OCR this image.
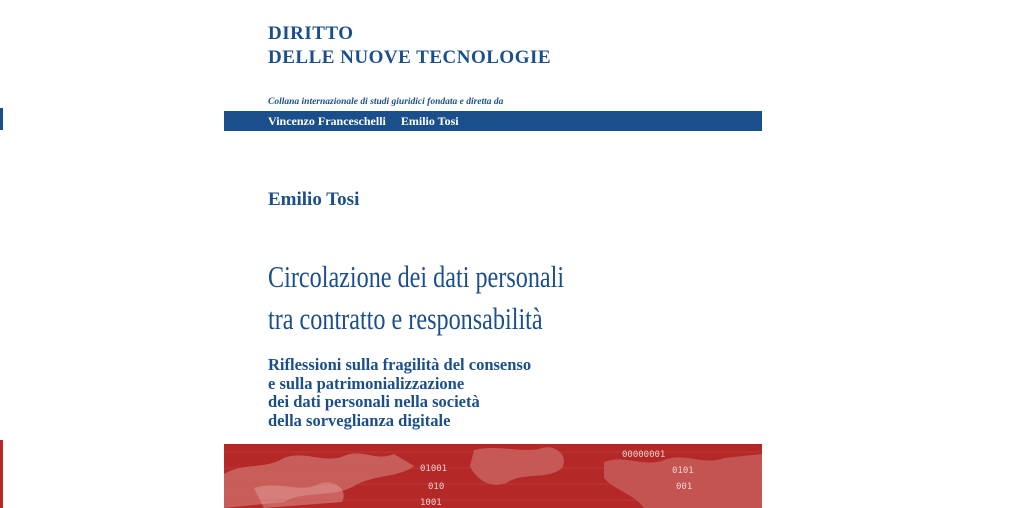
DIRITTO
DELLE NUOVE TECNOLOGIE
Collana internazionale di studi giuridici fondata e diretta da
Vincenzo Franceschelli Emilio Tosi
Emilio Tosi
Circolazione dei dati personali
tra contratto e responsabilità
Riflessioni sulla fragilità del consenso
e sulla patrimonializzazione
dei dati personali nella società
della sorveglianza digitale
01001
010
1001
00000001
0101
001
